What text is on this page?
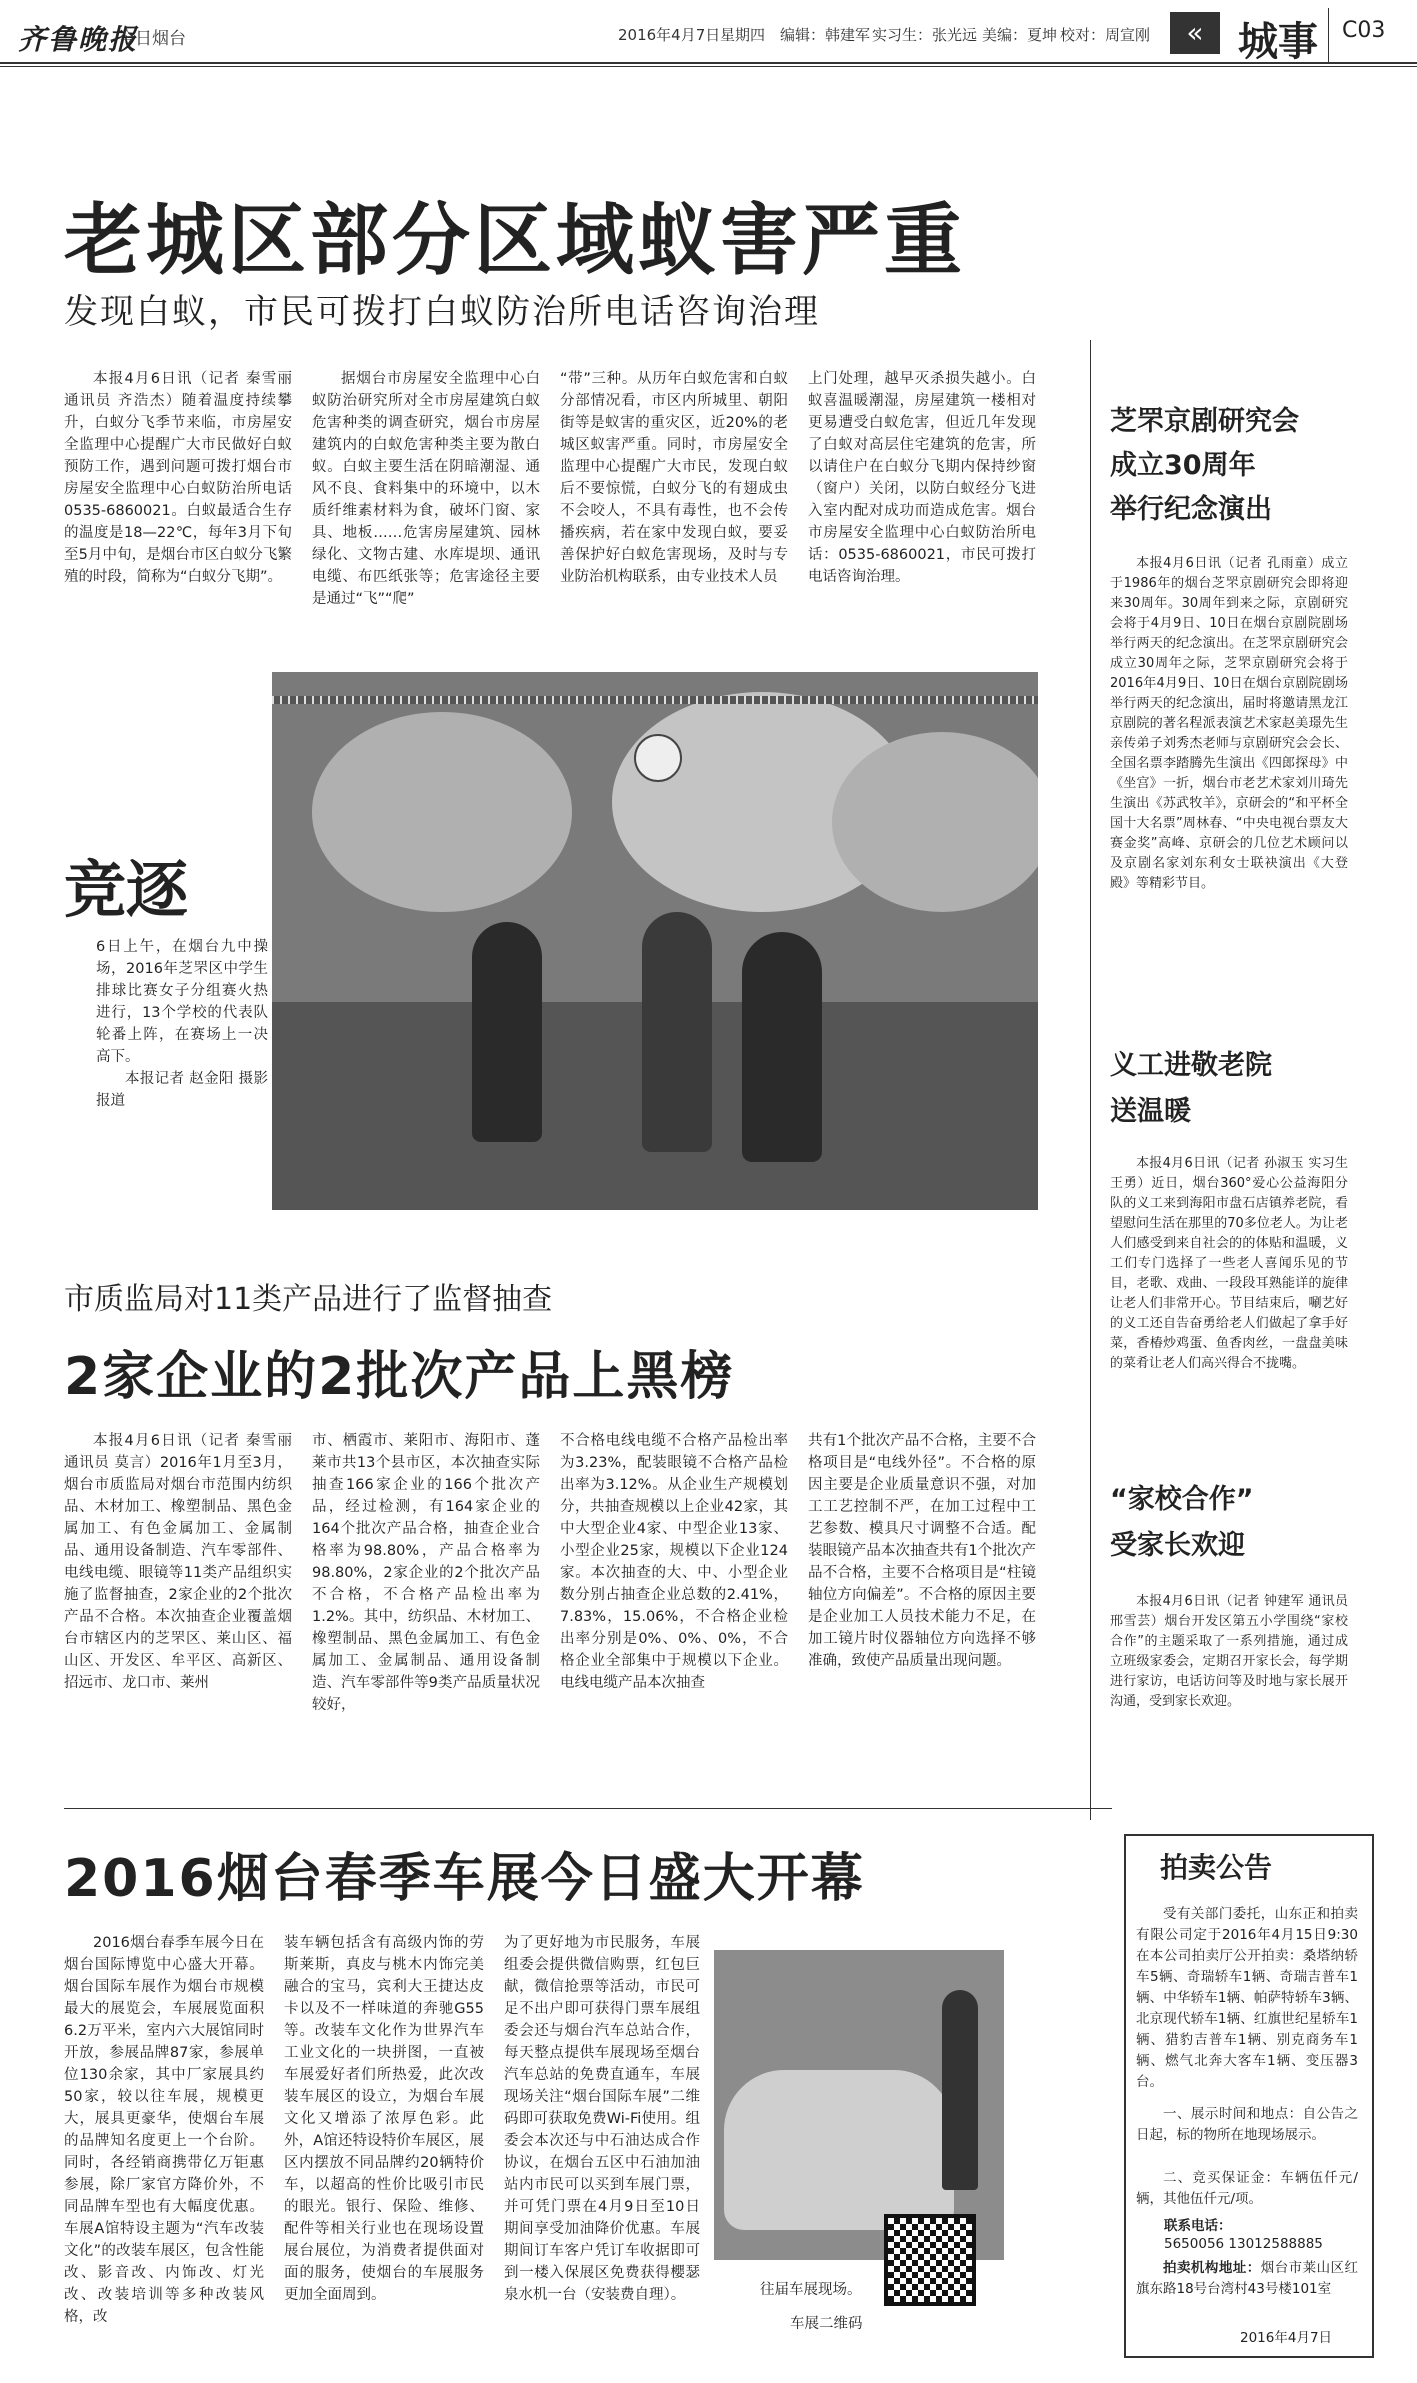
齐鲁晚报
今日烟台	2016年4月7日 星期四 编辑：韩建军 实习生：张光远 美编：夏坤 校对：周宣刚	« 城事 C03
老城区部分区域蚁害严重
发现白蚁，市民可拨打白蚁防治所电话咨询治理
本报4月6日讯（记者 秦雪丽 通讯员 齐浩杰）随着温度持续攀升，白蚁分飞季节来临，市房屋安全监理中心提醒广大市民做好白蚁预防工作，遇到问题可拨打烟台市房屋安全监理中心白蚁防治所电话0535-6860021。白蚁最适合生存的温度是18—22℃，每年3月下旬至5月中旬，是烟台市区白蚁分飞繁殖的时段，简称为“白蚁分飞期”。
据烟台市房屋安全监理中心白蚁防治研究所对全市房屋建筑白蚁危害种类的调查研究，烟台市房屋建筑内的白蚁危害种类主要为散白蚁。白蚁主要生活在阴暗潮湿、通风不良、食料集中的环境中，以木质纤维素材料为食，破坏门窗、家具、地板……危害房屋建筑、园林绿化、文物古建、水库堤坝、通讯电缆、布匹纸张等；危害途径主要是通过“飞”“爬”
“带”三种。从历年白蚁危害和白蚁分部情况看，市区内所城里、朝阳街等是蚁害的重灾区，近20%的老城区蚁害严重。同时，市房屋安全监理中心提醒广大市民，发现白蚁后不要惊慌，白蚁分飞的有翅成虫不会咬人，不具有毒性，也不会传播疾病，若在家中发现白蚁，要妥善保护好白蚁危害现场，及时与专业防治机构联系，由专业技术人员
上门处理，越早灭杀损失越小。白蚁喜温暖潮湿，房屋建筑一楼相对更易遭受白蚁危害，但近几年发现了白蚁对高层住宅建筑的危害，所以请住户在白蚁分飞期内保持纱窗（窗户）关闭，以防白蚁经分飞进入室内配对成功而造成危害。烟台市房屋安全监理中心白蚁防治所电话：0535-6860021，市民可拨打电话咨询治理。
竞逐
6日上午，在烟台九中操场，2016年芝罘区中学生排球比赛女子分组赛火热进行，13个学校的代表队轮番上阵，在赛场上一决高下。
本报记者 赵金阳 摄影报道
市质监局对11类产品进行了监督抽查
2家企业的2批次产品上黑榜
本报4月6日讯（记者 秦雪丽 通讯员 莫言）2016年1月至3月，烟台市质监局对烟台市范围内纺织品、木材加工、橡塑制品、黑色金属加工、有色金属加工、金属制品、通用设备制造、汽车零部件、电线电缆、眼镜等11类产品组织实施了监督抽查，2家企业的2个批次产品不合格。本次抽查企业覆盖烟台市辖区内的芝罘区、莱山区、福山区、开发区、牟平区、高新区、招远市、龙口市、莱州
市、栖霞市、莱阳市、海阳市、蓬莱市共13个县市区，本次抽查实际抽查166家企业的166个批次产品，经过检测，有164家企业的164个批次产品合格，抽查企业合格率为98.80%，产品合格率为98.80%，2家企业的2个批次产品不合格，不合格产品检出率为1.2%。其中，纺织品、木材加工、橡塑制品、黑色金属加工、有色金属加工、金属制品、通用设备制造、汽车零部件等9类产品质量状况较好，
不合格电线电缆不合格产品检出率为3.23%，配装眼镜不合格产品检出率为3.12%。从企业生产规模划分，共抽查规模以上企业42家，其中大型企业4家、中型企业13家、小型企业25家，规模以下企业124家。本次抽查的大、中、小型企业数分别占抽查企业总数的2.41%，7.83%，15.06%，不合格企业检出率分别是0%、0%、0%，不合格企业全部集中于规模以下企业。电线电缆产品本次抽查
共有1个批次产品不合格，主要不合格项目是“电线外径”。不合格的原因主要是企业质量意识不强，对加工工艺控制不严，在加工过程中工艺参数、模具尺寸调整不合适。配装眼镜产品本次抽查共有1个批次产品不合格，主要不合格项目是“柱镜轴位方向偏差”。不合格的原因主要是企业加工人员技术能力不足，在加工镜片时仪器轴位方向选择不够准确，致使产品质量出现问题。
2016烟台春季车展今日盛大开幕
2016烟台春季车展今日在烟台国际博览中心盛大开幕。烟台国际车展作为烟台市规模最大的展览会，车展展览面积6.2万平米，室内六大展馆同时开放，参展品牌87家，参展单位130余家，其中厂家展具约50家，较以往车展，规模更大，展具更豪华，使烟台车展的品牌知名度更上一个台阶。同时，各经销商携带亿万钜惠参展，除厂家官方降价外，不同品牌车型也有大幅度优惠。车展A馆特设主题为“汽车改装文化”的改装车展区，包含性能改、影音改、内饰改、灯光改、改装培训等多种改装风格，改
装车辆包括含有高级内饰的劳斯莱斯，真皮与桃木内饰完美融合的宝马，宾利大王捷达皮卡以及不一样味道的奔驰G55等。改装车文化作为世界汽车工业文化的一块拼图，一直被车展爱好者们所热爱，此次改装车展区的设立，为烟台车展文化又增添了浓厚色彩。此外，A馆还特设特价车展区，展区内摆放不同品牌约20辆特价车，以超高的性价比吸引市民的眼光。银行、保险、维修、配件等相关行业也在现场设置展台展位，为消费者提供面对面的服务，使烟台的车展服务更加全面周到。
为了更好地为市民服务，车展组委会提供微信购票，红包巨献，微信抢票等活动，市民可足不出户即可获得门票车展组委会还与烟台汽车总站合作，每天整点提供车展现场至烟台汽车总站的免费直通车，车展现场关注“烟台国际车展”二维码即可获取免费Wi-Fi使用。组委会本次还与中石油达成合作协议，在烟台五区中石油加油站内市民可以买到车展门票，并可凭门票在4月9日至10日期间享受加油降价优惠。车展期间订车客户凭订车收据即可到一楼入保展区免费获得櫻瑟泉水机一台（安装费自理）。	往届车展现场。
车展二维码
芝罘京剧研究会
成立30周年
举行纪念演出
本报4月6日讯（记者 孔雨童）成立于1986年的烟台芝罘京剧研究会即将迎来30周年。30周年到来之际，京剧研究会将于4月9日、10日在烟台京剧院剧场举行两天的纪念演出。在芝罘京剧研究会成立30周年之际，芝罘京剧研究会将于2016年4月9日、10日在烟台京剧院剧场举行两天的纪念演出，届时将邀请黑龙江京剧院的著名程派表演艺术家赵美璟先生亲传弟子刘秀杰老师与京剧研究会会长、全国名票李踏腾先生演出《四郎探母》中《坐宫》一折，烟台市老艺术家刘川琦先生演出《苏武牧羊》，京研会的“和平杯全国十大名票”周林春、“中央电视台票友大赛金奖”高峰、京研会的几位艺术顾问以及京剧名家刘东利女士联袂演出《大登殿》等精彩节目。
义工进敬老院
送温暖
本报4月6日讯（记者 孙淑玉 实习生 王勇）近日，烟台360°爱心公益海阳分队的义工来到海阳市盘石店镇养老院，看望慰问生活在那里的70多位老人。为让老人们感受到来自社会的的体贴和温暖，义工们专门选择了一些老人喜闻乐见的节目，老歌、戏曲、一段段耳熟能详的旋律让老人们非常开心。节目结束后，唰艺好的义工还自告奋勇给老人们做起了拿手好菜，香椿炒鸡蛋、鱼香肉丝，一盘盘美味的菜肴让老人们高兴得合不拢嘴。
“家校合作”
受家长欢迎
本报4月6日讯（记者 钟建军 通讯员 邢雪芸）烟台开发区第五小学围绕“家校合作”的主题采取了一系列措施，通过成立班级家委会，定期召开家长会，每学期进行家访，电话访问等及时地与家长展开沟通，受到家长欢迎。
拍卖公告
受有关部门委托，山东正和拍卖有限公司定于2016年4月15日9:30在本公司拍卖厅公开拍卖：桑塔纳轿车5辆、奇瑞轿车1辆、奇瑞吉普车1辆、中华轿车1辆、帕萨特轿车3辆、北京现代轿车1辆、红旗世纪星轿车1辆、猎豹吉普车1辆、别克商务车1辆、燃气北奔大客车1辆、变压器3台。
一、展示时间和地点：自公告之日起，标的物所在地现场展示。
二、竞买保证金：车辆伍仟元/辆，其他伍仟元/项。
联系电话：
5650056 13012588885
拍卖机构地址：烟台市莱山区红旗东路18号台湾村43号楼101室
2016年4月7日
